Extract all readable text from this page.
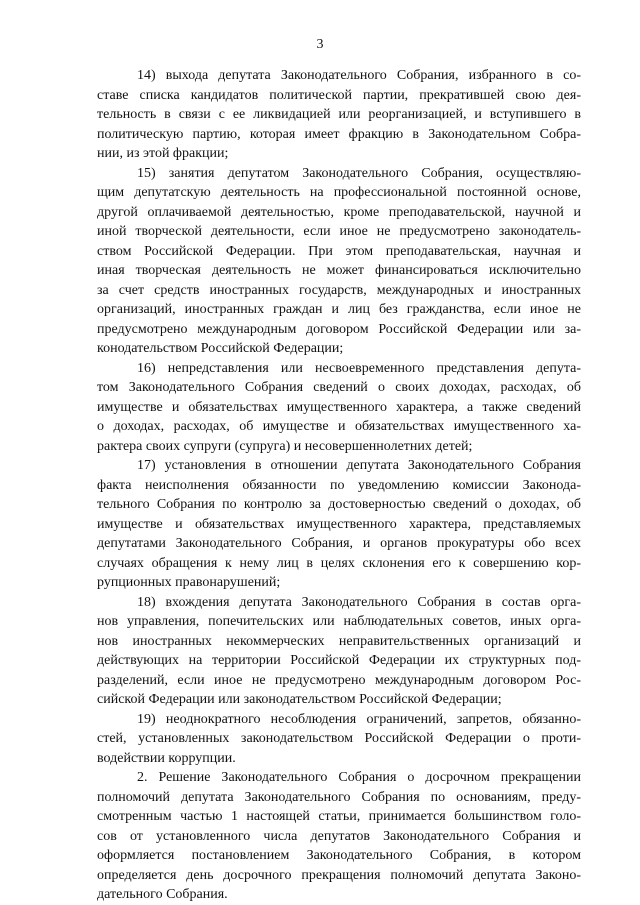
3
14) выхода депутата Законодательного Собрания, избранного в со-
ставе списка кандидатов политической партии, прекратившей свою дея-
тельность в связи с ее ликвидацией или реорганизацией, и вступившего в
политическую партию, которая имеет фракцию в Законодательном Собра-
нии, из этой фракции;
15) занятия депутатом Законодательного Собрания, осуществляю-
щим депутатскую деятельность на профессиональной постоянной основе,
другой оплачиваемой деятельностью, кроме преподавательской, научной и
иной творческой деятельности, если иное не предусмотрено законодатель-
ством Российской Федерации. При этом преподавательская, научная и
иная творческая деятельность не может финансироваться исключительно
за счет средств иностранных государств, международных и иностранных
организаций, иностранных граждан и лиц без гражданства, если иное не
предусмотрено международным договором Российской Федерации или за-
конодательством Российской Федерации;
16) непредставления или несвоевременного представления депута-
том Законодательного Собрания сведений о своих доходах, расходах, об
имуществе и обязательствах имущественного характера, а также сведений
о доходах, расходах, об имуществе и обязательствах имущественного ха-
рактера своих супруги (супруга) и несовершеннолетних детей;
17) установления в отношении депутата Законодательного Собрания
факта неисполнения обязанности по уведомлению комиссии Законода-
тельного Собрания по контролю за достоверностью сведений о доходах, об
имуществе и обязательствах имущественного характера, представляемых
депутатами Законодательного Собрания, и органов прокуратуры обо всех
случаях обращения к нему лиц в целях склонения его к совершению кор-
рупционных правонарушений;
18) вхождения депутата Законодательного Собрания в состав орга-
нов управления, попечительских или наблюдательных советов, иных орга-
нов иностранных некоммерческих неправительственных организаций и
действующих на территории Российской Федерации их структурных под-
разделений, если иное не предусмотрено международным договором Рос-
сийской Федерации или законодательством Российской Федерации;
19) неоднократного несоблюдения ограничений, запретов, обязанно-
стей, установленных законодательством Российской Федерации о проти-
водействии коррупции.
2. Решение Законодательного Собрания о досрочном прекращении
полномочий депутата Законодательного Собрания по основаниям, преду-
смотренным частью 1 настоящей статьи, принимается большинством голо-
сов от установленного числа депутатов Законодательного Собрания и
оформляется постановлением Законодательного Собрания, в котором
определяется день досрочного прекращения полномочий депутата Законо-
дательного Собрания.
